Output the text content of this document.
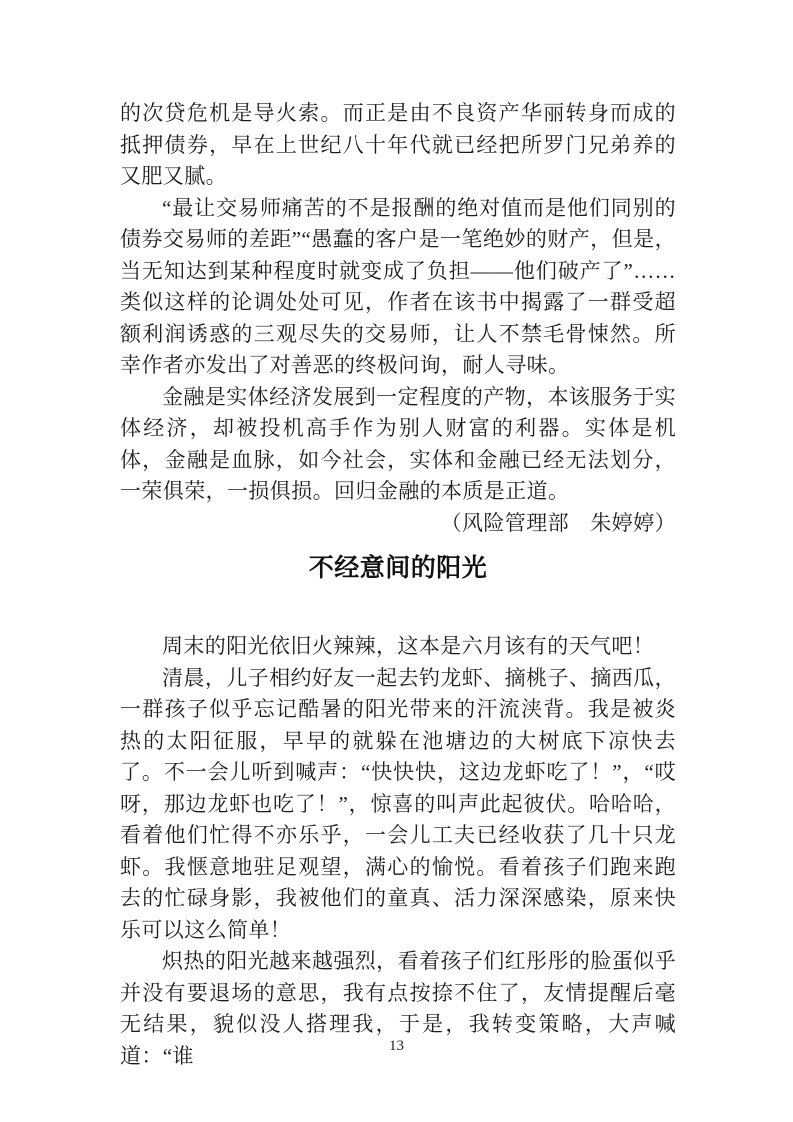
的次贷危机是导火索。而正是由不良资产华丽转身而成的抵押债券，早在上世纪八十年代就已经把所罗门兄弟养的又肥又腻。

“最让交易师痛苦的不是报酬的绝对值而是他们同别的债券交易师的差距”“愚蠢的客户是一笔绝妙的财产，但是，当无知达到某种程度时就变成了负担——他们破产了”……类似这样的论调处处可见，作者在该书中揭露了一群受超额利润诱惑的三观尽失的交易师，让人不禁毛骨悚然。所幸作者亦发出了对善恶的终极问询，耐人寻味。

金融是实体经济发展到一定程度的产物，本该服务于实体经济，却被投机高手作为别人财富的利器。实体是机体，金融是血脉，如今社会，实体和金融已经无法划分，一荣俱荣，一损俱损。回归金融的本质是正道。

（风险管理部　朱婷婷）

不经意间的阳光

周末的阳光依旧火辣辣，这本是六月该有的天气吧！

清晨，儿子相约好友一起去钓龙虾、摘桃子、摘西瓜，一群孩子似乎忘记酷暑的阳光带来的汗流浃背。我是被炎热的太阳征服，早早的就躲在池塘边的大树底下凉快去了。不一会儿听到喊声：“快快快，这边龙虾吃了！”，“哎呀，那边龙虾也吃了！”，惊喜的叫声此起彼伏。哈哈哈，看着他们忙得不亦乐乎，一会儿工夫已经收获了几十只龙虾。我惬意地驻足观望，满心的愉悦。看着孩子们跑来跑去的忙碌身影，我被他们的童真、活力深深感染，原来快乐可以这么简单！

炽热的阳光越来越强烈，看着孩子们红彤彤的脸蛋似乎并没有要退场的意思，我有点按捺不住了，友情提醒后毫无结果，貌似没人搭理我，于是，我转变策略，大声喊道：“谁	13
